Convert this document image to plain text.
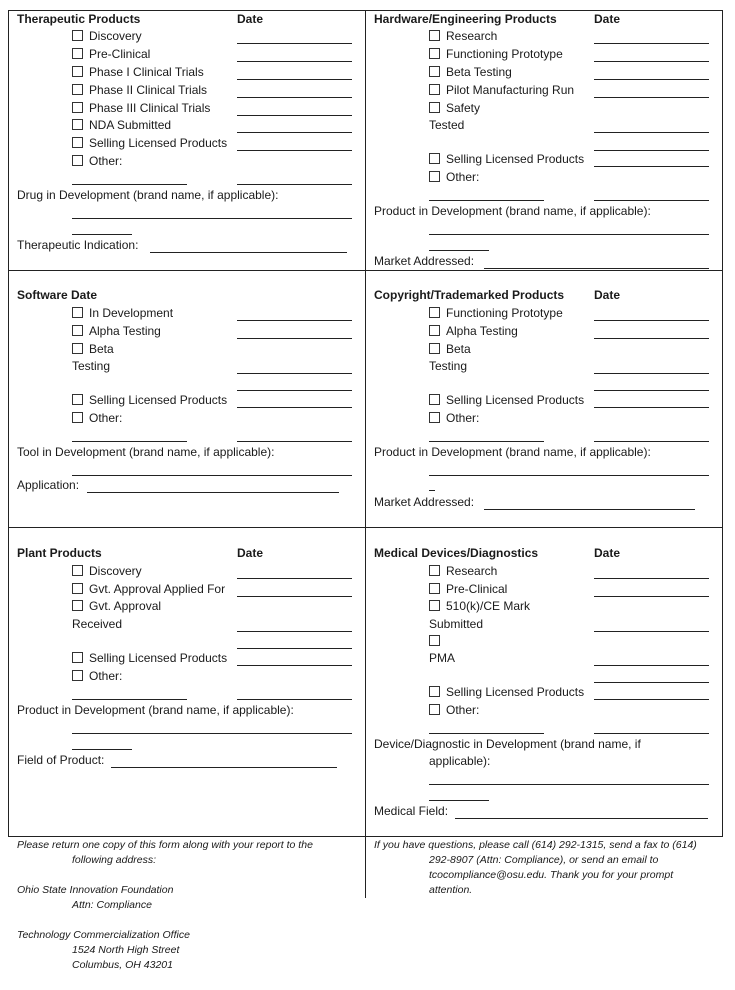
Therapeutic Products	Date
Discovery
Pre-Clinical
Phase I Clinical Trials
Phase II Clinical Trials
Phase III Clinical Trials
NDA Submitted
Selling Licensed Products
Other:
Drug in Development (brand name, if applicable):
Therapeutic Indication:
Hardware/Engineering Products	Date
Research
Functioning Prototype
Beta Testing
Pilot Manufacturing Run
Safety
Tested
Selling Licensed Products
Other:
Product in Development (brand name, if applicable):
Market Addressed:
Software Date
In Development
Alpha Testing
Beta
Testing
Selling Licensed Products
Other:
Tool in Development (brand name, if applicable):
Application:
Copyright/Trademarked Products Date
Functioning Prototype
Alpha Testing
Beta
Testing
Selling Licensed Products
Other:
Product in Development (brand name, if applicable):
Market Addressed:
Plant Products	Date
Discovery
Gvt. Approval Applied For
Gvt. Approval
Received
Selling Licensed Products
Other:
Product in Development (brand name, if applicable):
Field of Product:
Medical Devices/Diagnostics	Date
Research
Pre-Clinical
510(k)/CE Mark
Submitted
PMA
Selling Licensed Products
Other:
Device/Diagnostic in Development (brand name, if
applicable):
Medical Field:
Please return one copy of this form along with your report to the
following address:
Ohio State Innovation Foundation
Attn: Compliance
Technology Commercialization Office
1524 North High Street
Columbus, OH 43201
If you have questions, please call (614) 292-1315, send a fax to (614)
292-8907 (Attn: Compliance), or send an email to
tcocompliance@osu.edu. Thank you for your prompt
attention.
